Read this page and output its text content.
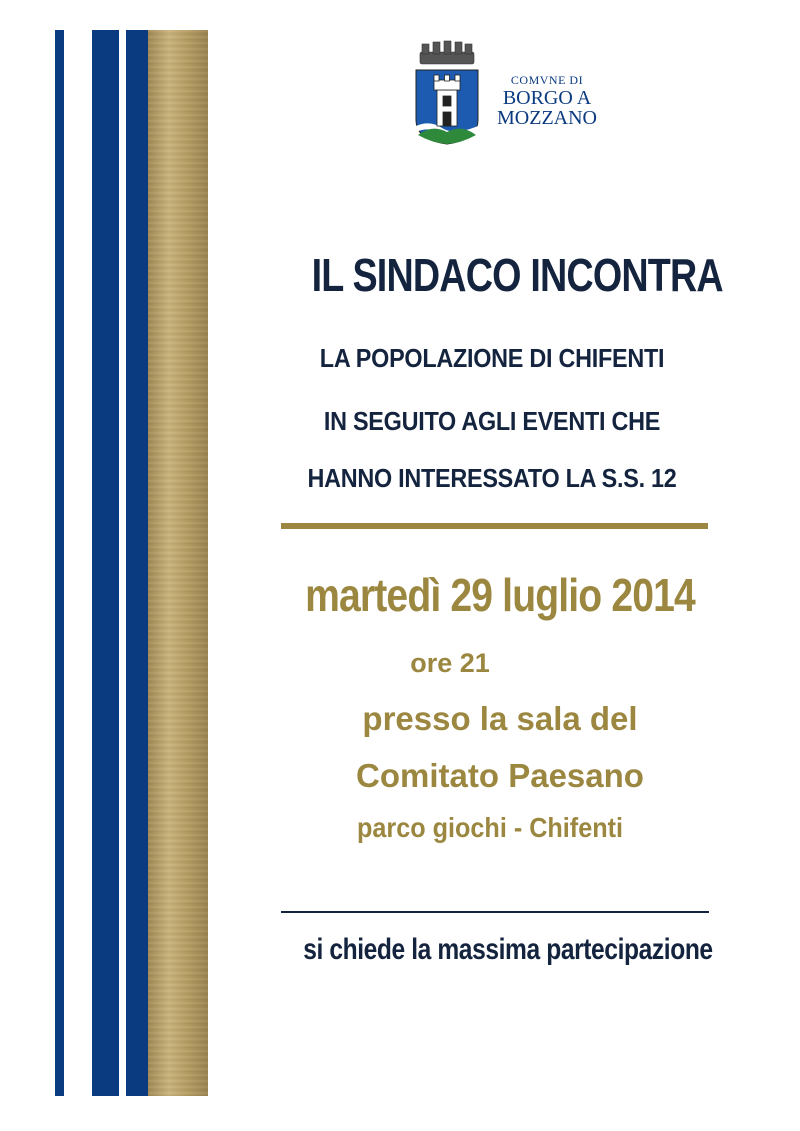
COMVNE DI
BORGO A
MOZZANO
IL SINDACO INCONTRA
LA POPOLAZIONE DI CHIFENTI
IN SEGUITO AGLI EVENTI CHE
HANNO INTERESSATO LA S.S. 12
martedì 29 luglio 2014
ore 21
presso la sala del
Comitato Paesano
parco giochi - Chifenti
si chiede la massima partecipazione
